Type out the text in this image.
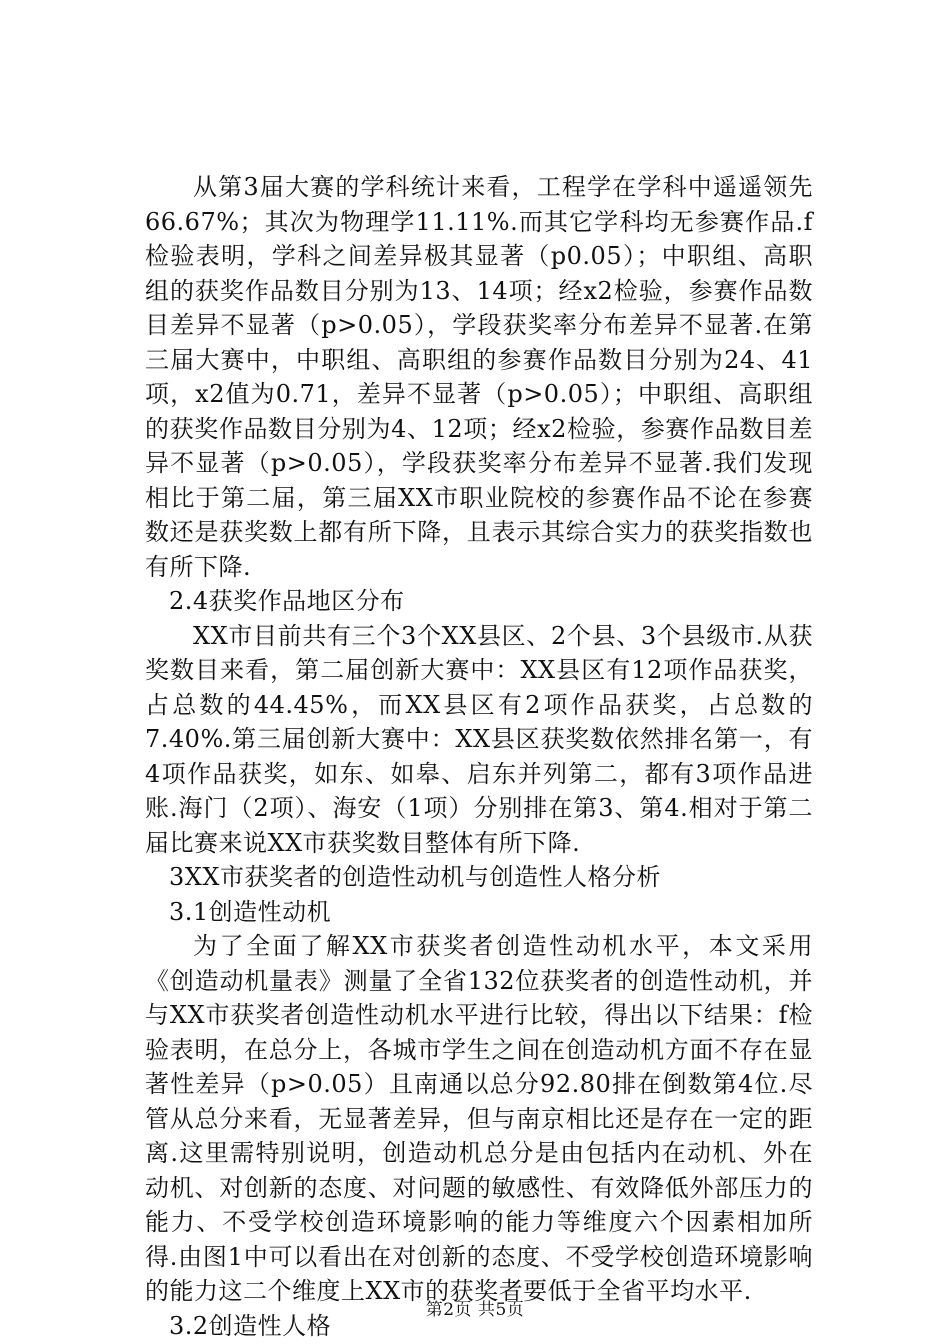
从第3届大赛的学科统计来看，工程学在学科中遥遥领先66.67%；其次为物理学11.11%.而其它学科均无参赛作品.f检验表明，学科之间差异极其显著（p0.05）；中职组、高职组的获奖作品数目分别为13、14项；经x2检验，参赛作品数目差异不显著（p>0.05），学段获奖率分布差异不显著.在第三届大赛中，中职组、高职组的参赛作品数目分别为24、41项，x2值为0.71，差异不显著（p>0.05）；中职组、高职组的获奖作品数目分别为4、12项；经x2检验，参赛作品数目差异不显著（p>0.05），学段获奖率分布差异不显著.我们发现相比于第二届，第三届XX市职业院校的参赛作品不论在参赛数还是获奖数上都有所下降，且表示其综合实力的获奖指数也有所下降.

2.4获奖作品地区分布

XX市目前共有三个3个XX县区、2个县、3个县级市.从获奖数目来看，第二届创新大赛中：XX县区有12项作品获奖，占总数的44.45%，而XX县区有2项作品获奖，占总数的7.40%.第三届创新大赛中：XX县区获奖数依然排名第一，有4项作品获奖，如东、如皋、启东并列第二，都有3项作品进账.海门（2项）、海安（1项）分别排在第3、第4.相对于第二届比赛来说XX市获奖数目整体有所下降.

3XX市获奖者的创造性动机与创造性人格分析

3.1创造性动机

为了全面了解XX市获奖者创造性动机水平，本文采用《创造动机量表》测量了全省132位获奖者的创造性动机，并与XX市获奖者创造性动机水平进行比较，得出以下结果：f检验表明，在总分上，各城市学生之间在创造动机方面不存在显著性差异（p>0.05）且南通以总分92.80排在倒数第4位.尽管从总分来看，无显著差异，但与南京相比还是存在一定的距离.这里需特别说明，创造动机总分是由包括内在动机、外在动机、对创新的态度、对问题的敏感性、有效降低外部压力的能力、不受学校创造环境影响的能力等维度六个因素相加所得.由图1中可以看出在对创新的态度、不受学校创造环境影响的能力这二个维度上XX市的获奖者要低于全省平均水平.

3.2创造性人格

第2页 共5页
